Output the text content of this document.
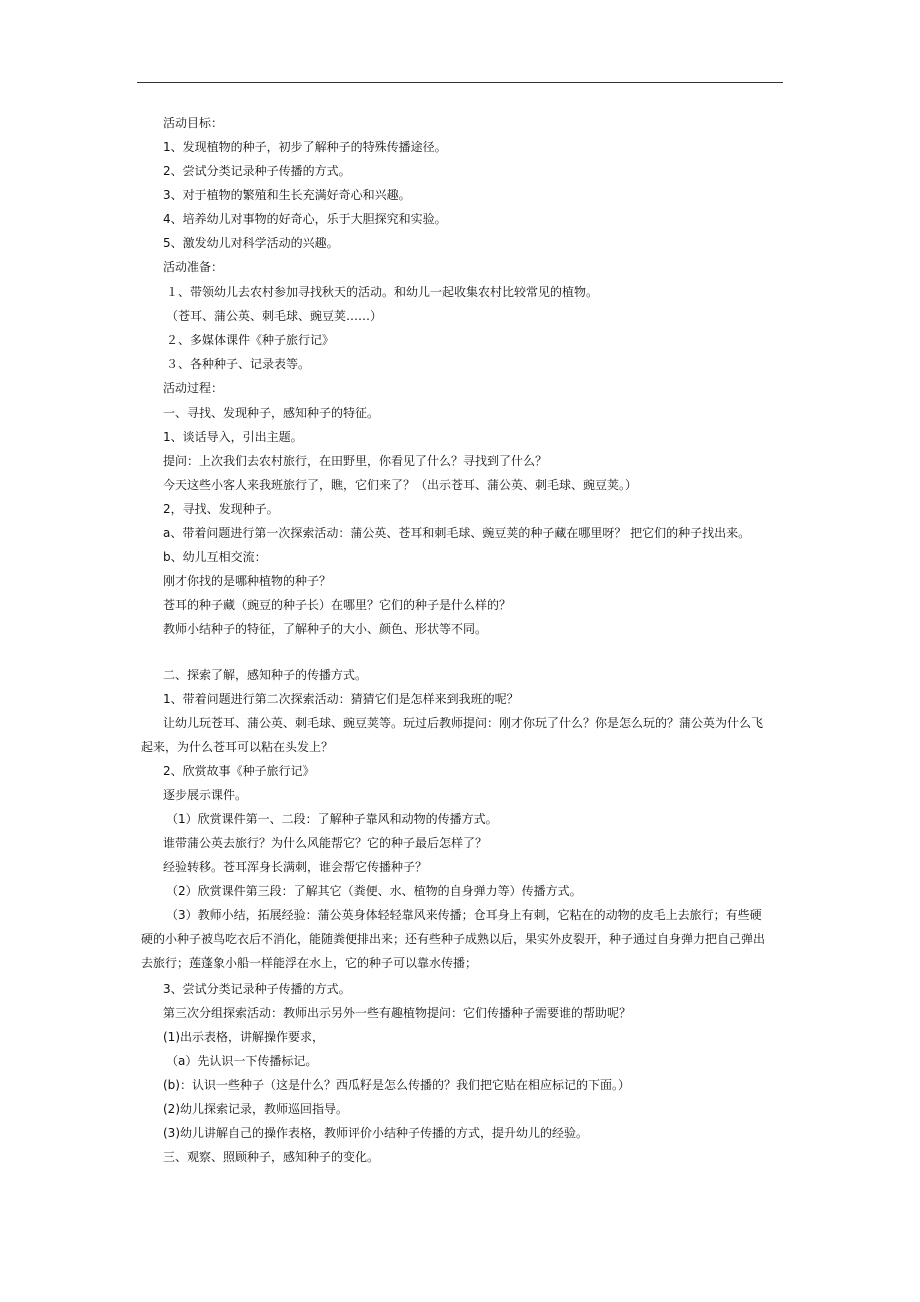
活动目标：
1、发现植物的种子，初步了解种子的特殊传播途径。
2、尝试分类记录种子传播的方式。
3、对于植物的繁殖和生长充满好奇心和兴趣。
4、培养幼儿对事物的好奇心，乐于大胆探究和实验。
5、激发幼儿对科学活动的兴趣。
活动准备：
１、带领幼儿去农村参加寻找秋天的活动。和幼儿一起收集农村比较常见的植物。
（苍耳、蒲公英、刺毛球、豌豆荚……）
２、多媒体课件《种子旅行记》
３、各种种子、记录表等。
活动过程：
一、寻找、发现种子，感知种子的特征。
1、谈话导入，引出主题。
提问：上次我们去农村旅行，在田野里，你看见了什么？寻找到了什么？
今天这些小客人来我班旅行了，瞧，它们来了？（出示苍耳、蒲公英、刺毛球、豌豆荚。）
2，寻找、发现种子。
a、带着问题进行第一次探索活动：蒲公英、苍耳和刺毛球、豌豆荚的种子藏在哪里呀？ 把它们的种子找出来。
b、幼儿互相交流：
刚才你找的是哪种植物的种子？
苍耳的种子藏（豌豆的种子长）在哪里？它们的种子是什么样的？
教师小结种子的特征，了解种子的大小、颜色、形状等不同。
二、探索了解，感知种子的传播方式。
1、带着问题进行第二次探索活动：猜猜它们是怎样来到我班的呢？
让幼儿玩苍耳、蒲公英、刺毛球、豌豆荚等。玩过后教师提问：刚才你玩了什么？你是怎么玩的？蒲公英为什么飞
起来，为什么苍耳可以粘在头发上？
2、欣赏故事《种子旅行记》
逐步展示课件。
（1）欣赏课件第一、二段：了解种子靠风和动物的传播方式。
谁带蒲公英去旅行？为什么风能帮它？它的种子最后怎样了？
经验转移。苍耳浑身长满刺，谁会帮它传播种子？
（2）欣赏课件第三段：了解其它（粪便、水、植物的自身弹力等）传播方式。
（3）教师小结，拓展经验：蒲公英身体轻轻靠风来传播；仓耳身上有刺，它粘在的动物的皮毛上去旅行；有些硬
硬的小种子被鸟吃衣后不消化，能随粪便排出来；还有些种子成熟以后，果实外皮裂开，种子通过自身弹力把自己弹出
去旅行；莲蓬象小船一样能浮在水上，它的种子可以靠水传播；
3、尝试分类记录种子传播的方式。
第三次分组探索活动：教师出示另外一些有趣植物提问：它们传播种子需要谁的帮助呢？
(1)出示表格，讲解操作要求，
（a）先认识一下传播标记。
(b)：认识一些种子（这是什么？西瓜籽是怎么传播的？我们把它贴在相应标记的下面。）
(2)幼儿探索记录，教师巡回指导。
(3)幼儿讲解自己的操作表格，教师评价小结种子传播的方式，提升幼儿的经验。
三、观察、照顾种子，感知种子的变化。
